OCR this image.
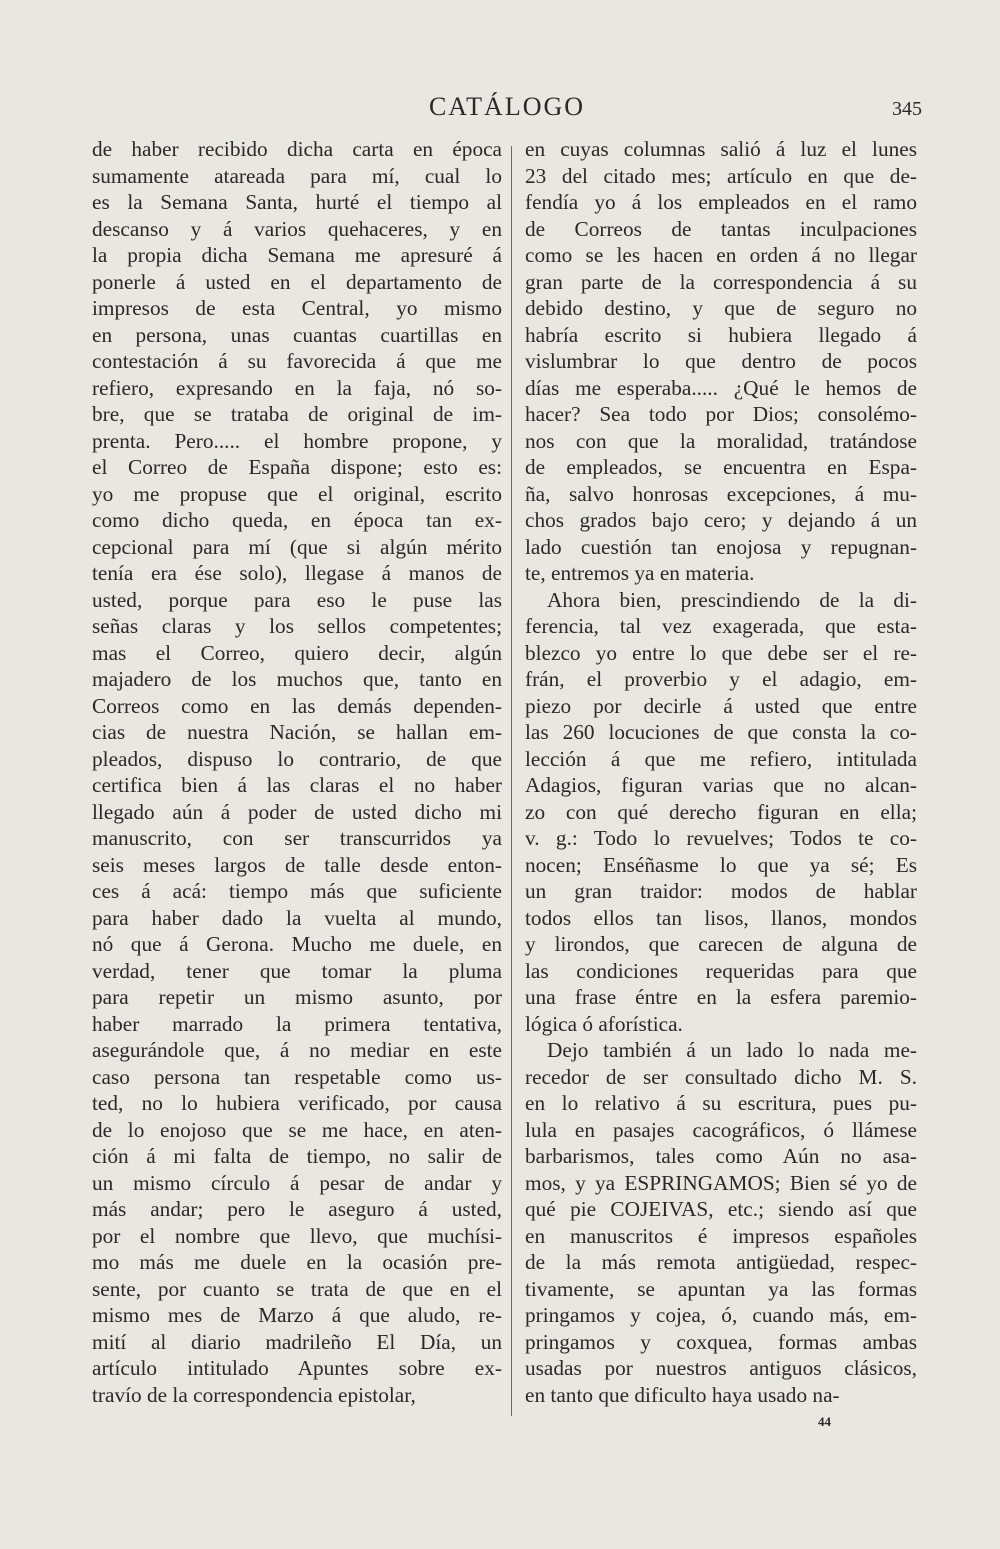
CATÁLOGO	345
de haber recibido dicha carta en época
sumamente atareada para mí, cual lo
es la Semana Santa, hurté el tiempo al
descanso y á varios quehaceres, y en
la propia dicha Semana me apresuré á
ponerle á usted en el departamento de
impresos de esta Central, yo mismo
en persona, unas cuantas cuartillas en
contestación á su favorecida á que me
refiero, expresando en la faja, nó so-
bre, que se trataba de original de im-
prenta. Pero..... el hombre propone, y
el Correo de España dispone; esto es:
yo me propuse que el original, escrito
como dicho queda, en época tan ex-
cepcional para mí (que si algún mérito
tenía era ése solo), llegase á manos de
usted, porque para eso le puse las
señas claras y los sellos competentes;
mas el Correo, quiero decir, algún
majadero de los muchos que, tanto en
Correos como en las demás dependen-
cias de nuestra Nación, se hallan em-
pleados, dispuso lo contrario, de que
certifica bien á las claras el no haber
llegado aún á poder de usted dicho mi
manuscrito, con ser transcurridos ya
seis meses largos de talle desde enton-
ces á acá: tiempo más que suficiente
para haber dado la vuelta al mundo,
nó que á Gerona. Mucho me duele, en
verdad, tener que tomar la pluma
para repetir un mismo asunto, por
haber marrado la primera tentativa,
asegurándole que, á no mediar en este
caso persona tan respetable como us-
ted, no lo hubiera verificado, por causa
de lo enojoso que se me hace, en aten-
ción á mi falta de tiempo, no salir de
un mismo círculo á pesar de andar y
más andar; pero le aseguro á usted,
por el nombre que llevo, que muchísi-
mo más me duele en la ocasión pre-
sente, por cuanto se trata de que en el
mismo mes de Marzo á que aludo, re-
mití al diario madrileño El Día, un
artículo intitulado Apuntes sobre ex-
travío de la correspondencia epistolar,
en cuyas columnas salió á luz el lunes
23 del citado mes; artículo en que de-
fendía yo á los empleados en el ramo
de Correos de tantas inculpaciones
como se les hacen en orden á no llegar
gran parte de la correspondencia á su
debido destino, y que de seguro no
habría escrito si hubiera llegado á
vislumbrar lo que dentro de pocos
días me esperaba..... ¿Qué le hemos de
hacer? Sea todo por Dios; consolémo-
nos con que la moralidad, tratándose
de empleados, se encuentra en Espa-
ña, salvo honrosas excepciones, á mu-
chos grados bajo cero; y dejando á un
lado cuestión tan enojosa y repugnan-
te, entremos ya en materia.
Ahora bien, prescindiendo de la di-
ferencia, tal vez exagerada, que esta-
blezco yo entre lo que debe ser el re-
frán, el proverbio y el adagio, em-
piezo por decirle á usted que entre
las 260 locuciones de que consta la co-
lección á que me refiero, intitulada
Adagios, figuran varias que no alcan-
zo con qué derecho figuran en ella;
v. g.: Todo lo revuelves; Todos te co-
nocen; Enséñasme lo que ya sé; Es
un gran traidor: modos de hablar
todos ellos tan lisos, llanos, mondos
y lirondos, que carecen de alguna de
las condiciones requeridas para que
una frase éntre en la esfera paremio-
lógica ó aforística.
Dejo también á un lado lo nada me-
recedor de ser consultado dicho M. S.
en lo relativo á su escritura, pues pu-
lula en pasajes cacográficos, ó llámese
barbarismos, tales como Aún no asa-
mos, y ya ESPRINGAMOS; Bien sé yo de
qué pie COJEIVAS, etc.; siendo así que
en manuscritos é impresos españoles
de la más remota antigüedad, respec-
tivamente, se apuntan ya las formas
pringamos y cojea, ó, cuando más, em-
pringamos y coxquea, formas ambas
usadas por nuestros antiguos clásicos,
en tanto que dificulto haya usado na-
44
